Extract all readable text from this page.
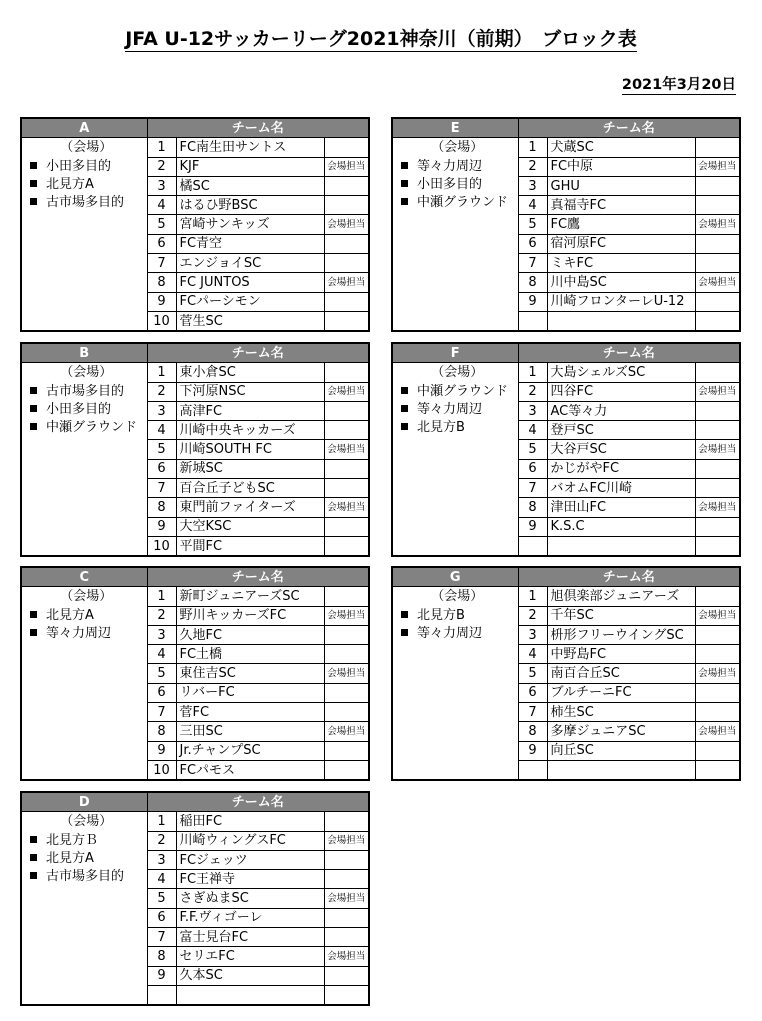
JFA U-12サッカーリーグ2021神奈川（前期）　ブロック表
2021年3月20日
A	チーム名		

（会場）
小田多目的
北見方A
古市場多目的	1	FC南生田サントス	
	2	KJF	会場担当
	3	橘SC	
	4	はるひ野BSC	
	5	宮崎サンキッズ	会場担当
	6	FC青空	
	7	エンジョイSC	
	8	FC JUNTOS	会場担当
	9	FCパーシモン	
	10	菅生SC	
E	チーム名		

（会場）
等々力周辺
小田多目的
中瀬グラウンド	1	犬蔵SC	
	2	FC中原	会場担当
	3	GHU	
	4	真福寺FC	
	5	FC鷹	会場担当
	6	宿河原FC	
	7	ミキFC	
	8	川中島SC	会場担当
	9	川崎フロンターレU-12	

B	チーム名		

（会場）
古市場多目的
小田多目的
中瀬グラウンド	1	東小倉SC	
	2	下河原NSC	会場担当
	3	高津FC	
	4	川崎中央キッカーズ	
	5	川崎SOUTH FC	会場担当
	6	新城SC	
	7	百合丘子どもSC	
	8	東門前ファイターズ	会場担当
	9	大空KSC	
	10	平間FC	
F	チーム名		

（会場）
中瀬グラウンド
等々力周辺
北見方B	1	大島シェルズSC	
	2	四谷FC	会場担当
	3	AC等々力	
	4	登戸SC	
	5	大谷戸SC	会場担当
	6	かじがやFC	
	7	バオムFC川崎	
	8	津田山FC	会場担当
	9	K.S.C	

C	チーム名		

（会場）
北見方A
等々力周辺	1	新町ジュニアーズSC	
	2	野川キッカーズFC	会場担当
	3	久地FC	
	4	FC土橋	
	5	東住吉SC	会場担当
	6	リバーFC	
	7	菅FC	
	8	三田SC	会場担当
	9	Jr.チャンプSC	
	10	FCパモス	
G	チーム名		

（会場）
北見方B
等々力周辺	1	旭倶楽部ジュニアーズ	
	2	千年SC	会場担当
	3	枡形フリーウイングSC	
	4	中野島FC	
	5	南百合丘SC	会場担当
	6	ブルチーニFC	
	7	柿生SC	
	8	多摩ジュニアSC	会場担当
	9	向丘SC	

D	チーム名		

（会場）
北見方Ｂ
北見方A
古市場多目的	1	稲田FC	
	2	川崎ウィングスFC	会場担当
	3	FCジェッツ	
	4	FC王禅寺	
	5	さぎぬまSC	会場担当
	6	F.F.ヴィゴーレ	
	7	富士見台FC	
	8	セリエFC	会場担当
	9	久本SC	
